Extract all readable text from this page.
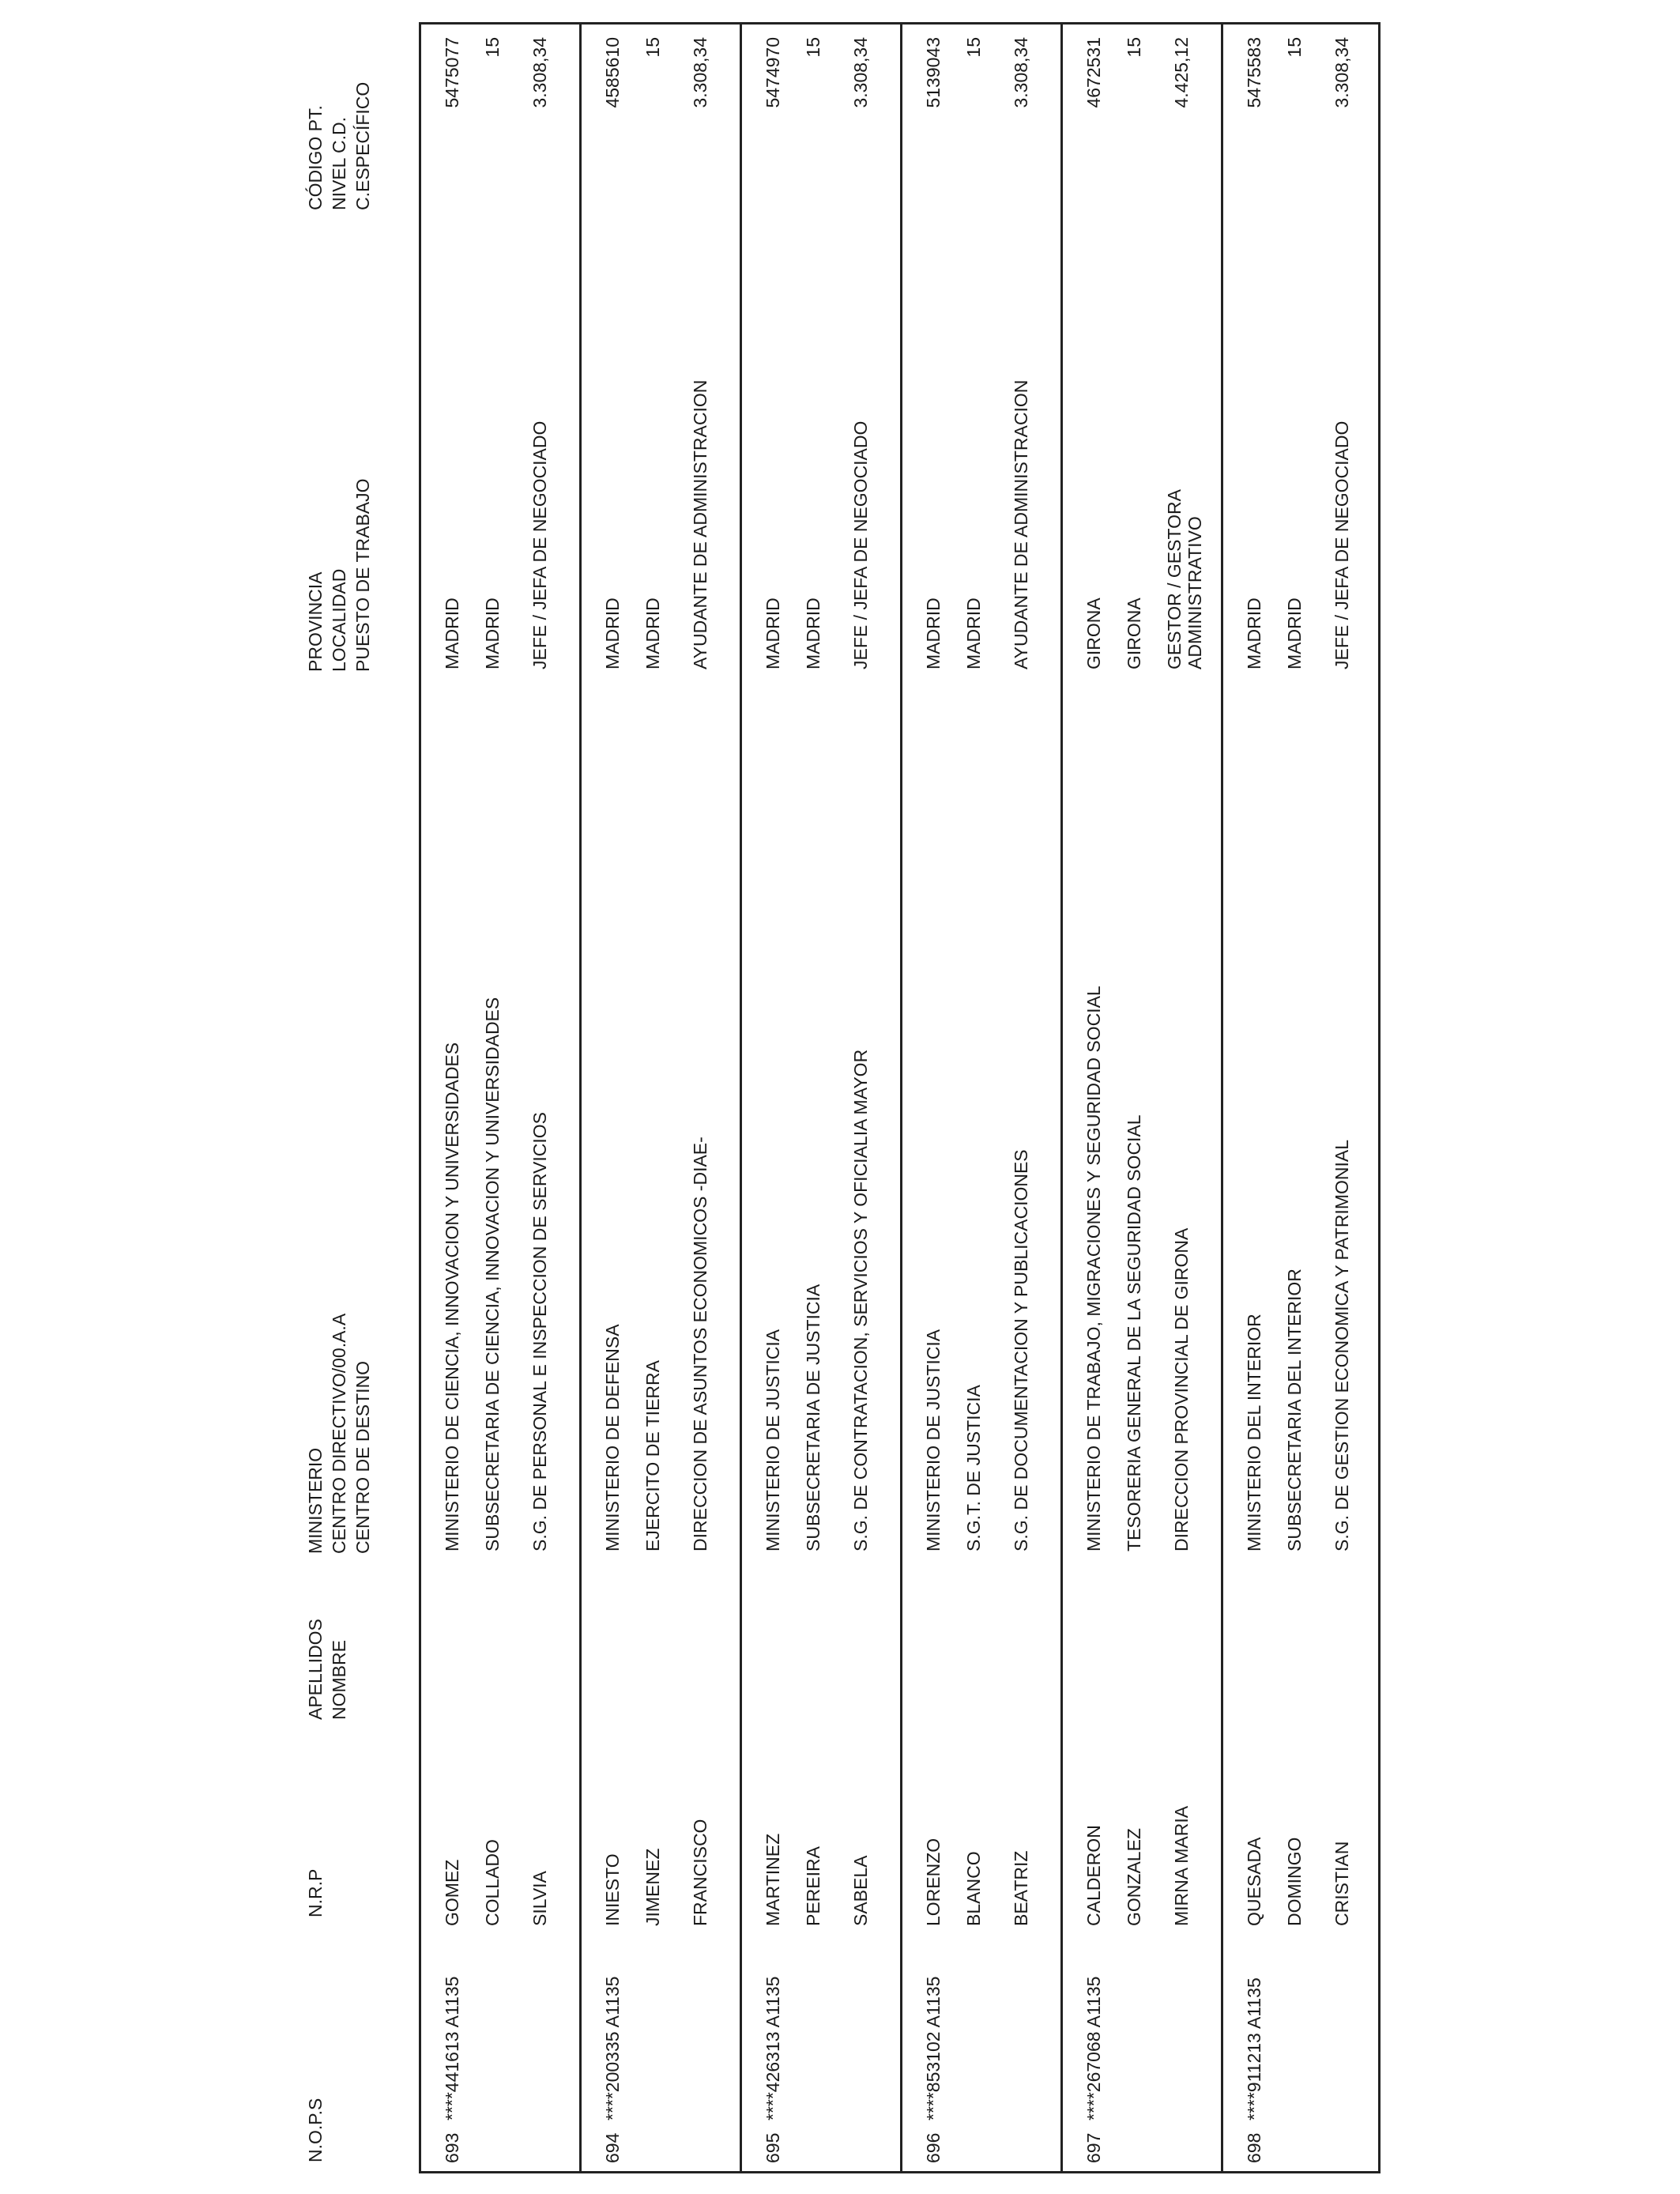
N.O.P.S
N.R.P
APELLIDOS NOMBRE
MINISTERIO CENTRO DIRECTIVO/00.A.A CENTRO DE DESTINO
PROVINCIA LOCALIDAD PUESTO DE TRABAJO
CÓDIGO PT. NIVEL C.D. C.ESPECÍFICO
693
****441613 A1135
GOMEZ COLLADO SILVIA
MINISTERIO DE CIENCIA, INNOVACION Y UNIVERSIDADES SUBSECRETARIA DE CIENCIA, INNOVACION Y UNIVERSIDADES S.G. DE PERSONAL E INSPECCION DE SERVICIOS
MADRID MADRID JEFE / JEFA DE NEGOCIADO
5475077 15 3.308,34
694
****200335 A1135
INIESTO JIMENEZ FRANCISCO
MINISTERIO DE DEFENSA EJERCITO DE TIERRA DIRECCION DE ASUNTOS ECONOMICOS -DIAE-
MADRID MADRID AYUDANTE DE ADMINISTRACION
4585610 15 3.308,34
695
****426313 A1135
MARTINEZ PEREIRA SABELA
MINISTERIO DE JUSTICIA SUBSECRETARIA DE JUSTICIA S.G. DE CONTRATACION, SERVICIOS Y OFICIALIA MAYOR
MADRID MADRID JEFE / JEFA DE NEGOCIADO
5474970 15 3.308,34
696
****853102 A1135
LORENZO BLANCO BEATRIZ
MINISTERIO DE JUSTICIA S.G.T. DE JUSTICIA S.G. DE DOCUMENTACION Y PUBLICACIONES
MADRID MADRID AYUDANTE DE ADMINISTRACION
5139043 15 3.308,34
697
****267068 A1135
CALDERON GONZALEZ MIRNA MARIA
MINISTERIO DE TRABAJO, MIGRACIONES Y SEGURIDAD SOCIAL TESORERIA GENERAL DE LA SEGURIDAD SOCIAL DIRECCION PROVINCIAL DE GIRONA
GIRONA GIRONA GESTOR / GESTORA ADMINISTRATIVO
4672531 15 4.425,12
698
****911213 A1135
QUESADA DOMINGO CRISTIAN
MINISTERIO DEL INTERIOR SUBSECRETARIA DEL INTERIOR S.G. DE GESTION ECONOMICA Y PATRIMONIAL
MADRID MADRID JEFE / JEFA DE NEGOCIADO
5475583 15 3.308,34
